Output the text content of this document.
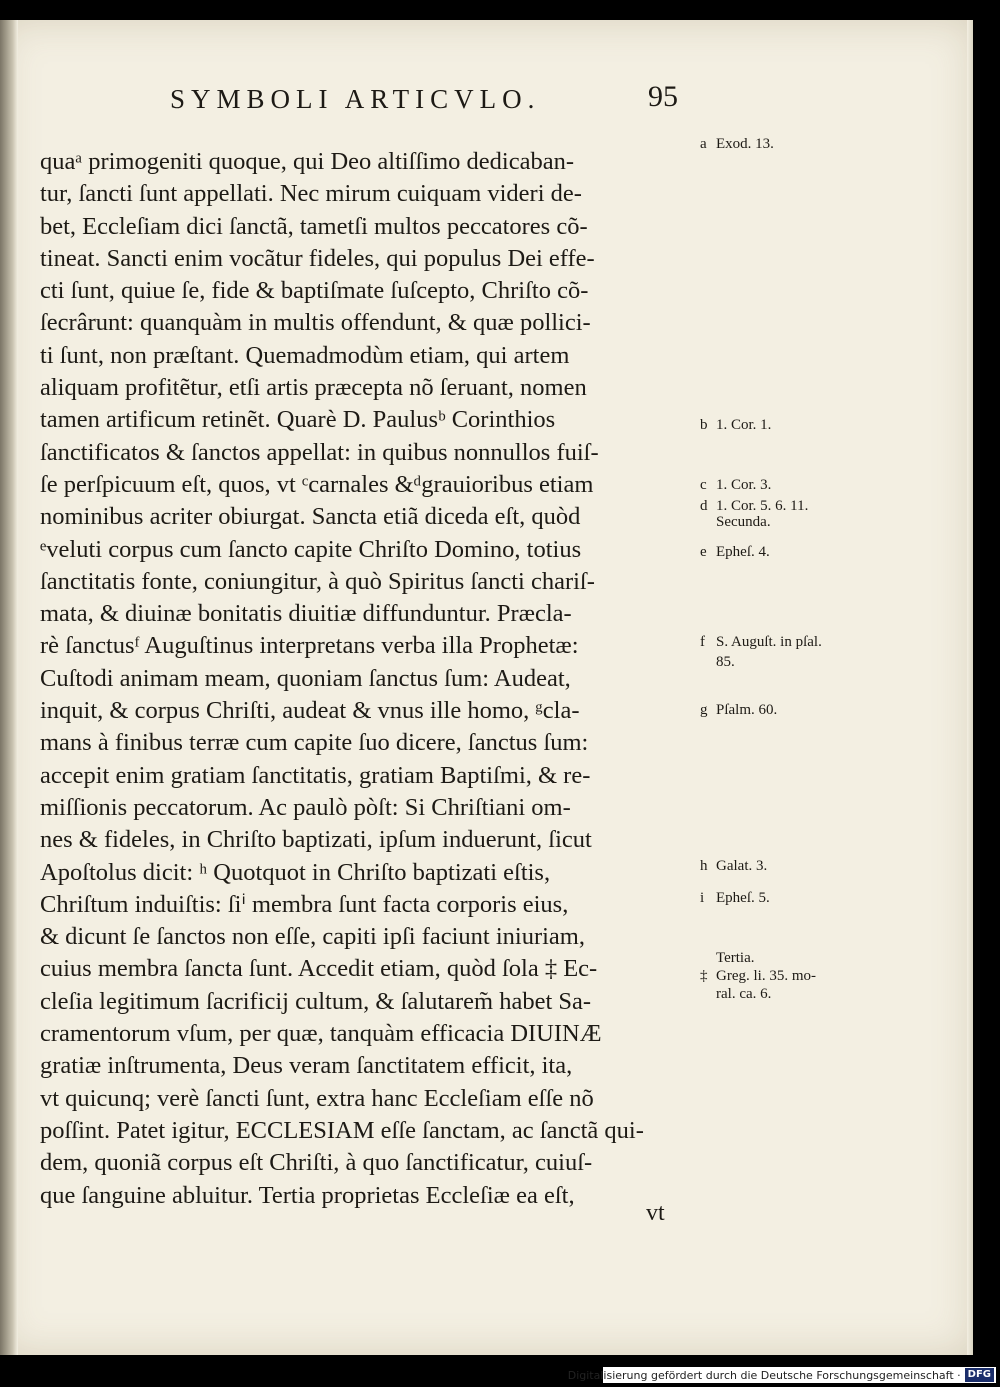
SYMBOLI ARTICVLO.	95
quaᵃ primogeniti quoque, qui Deo altiſſimo dedicaban-
tur, ſancti ſunt appellati. Nec mirum cuiquam videri de-
bet, Eccleſiam dici ſanctã, tametſi multos peccatores cõ-
tineat. Sancti enim vocãtur fideles, qui populus Dei effe-
cti ſunt, quiue ſe, fide & baptiſmate ſuſcepto, Chriſto cõ-
ſecrârunt: quanquàm in multis offendunt, & quæ pollici-
ti ſunt, non præſtant. Quemadmodùm etiam, qui artem
aliquam profitẽtur, etſi artis præcepta nõ ſeruant, nomen
tamen artificum retinẽt. Quarè D. Paulusᵇ Corinthios
ſanctificatos & ſanctos appellat: in quibus nonnullos fuiſ-
ſe perſpicuum eſt, quos, vt ᶜcarnales &ᵈgrauioribus etiam
nominibus acriter obiurgat. Sancta etiã diceda eſt, quòd
ᵉveluti corpus cum ſancto capite Chriſto Domino, totius
ſanctitatis fonte, coniungitur, à quò Spiritus ſancti chariſ-
mata, & diuinæ bonitatis diuitiæ diffunduntur. Præcla-
rè ſanctusᶠ Auguſtinus interpretans verba illa Prophetæ:
Cuſtodi animam meam, quoniam ſanctus ſum: Audeat,
inquit, & corpus Chriſti, audeat & vnus ille homo, ᵍcla-
mans à finibus terræ cum capite ſuo dicere, ſanctus ſum:
accepit enim gratiam ſanctitatis, gratiam Baptiſmi, & re-
miſſionis peccatorum. Ac paulò pòſt: Si Chriſtiani om-
nes & fideles, in Chriſto baptizati, ipſum induerunt, ſicut
Apoſtolus dicit: ʰ Quotquot in Chriſto baptizati eſtis,
Chriſtum induiſtis: ſiⁱ membra ſunt facta corporis eius,
& dicunt ſe ſanctos non eſſe, capiti ipſi faciunt iniuriam,
cuius membra ſancta ſunt. Accedit etiam, quòd ſola ‡ Ec-
cleſia legitimum ſacrificij cultum, & ſalutarem̃ habet Sa-
cramentorum vſum, per quæ, tanquàm efficacia DIUINÆ
gratiæ inſtrumenta, Deus veram ſanctitatem efficit, ita,
vt quicunq; verè ſancti ſunt, extra hanc Eccleſiam eſſe nõ
poſſint. Patet igitur, ECCLESIAM eſſe ſanctam, ac ſanctã qui-
dem, quoniã corpus eſt Chriſti, à quo ſanctificatur, cuiuſ-
que ſanguine abluitur. Tertia proprietas Eccleſiæ ea eſt,
vt
a Exod. 13.
b 1. Cor. 1.
c 1. Cor. 3.
d 1. Cor. 5. 6. 11.
Secunda.
e Epheſ. 4.
f S. Auguſt. in pſal.
85.
g Pſalm. 60.
h Galat. 3.
i Epheſ. 5.
Tertia.
‡ Greg. li. 35. mo-
ral. ca. 6.
Digitalisierung gefördert durch die Deutsche Forschungsgemeinschaft · DFG
